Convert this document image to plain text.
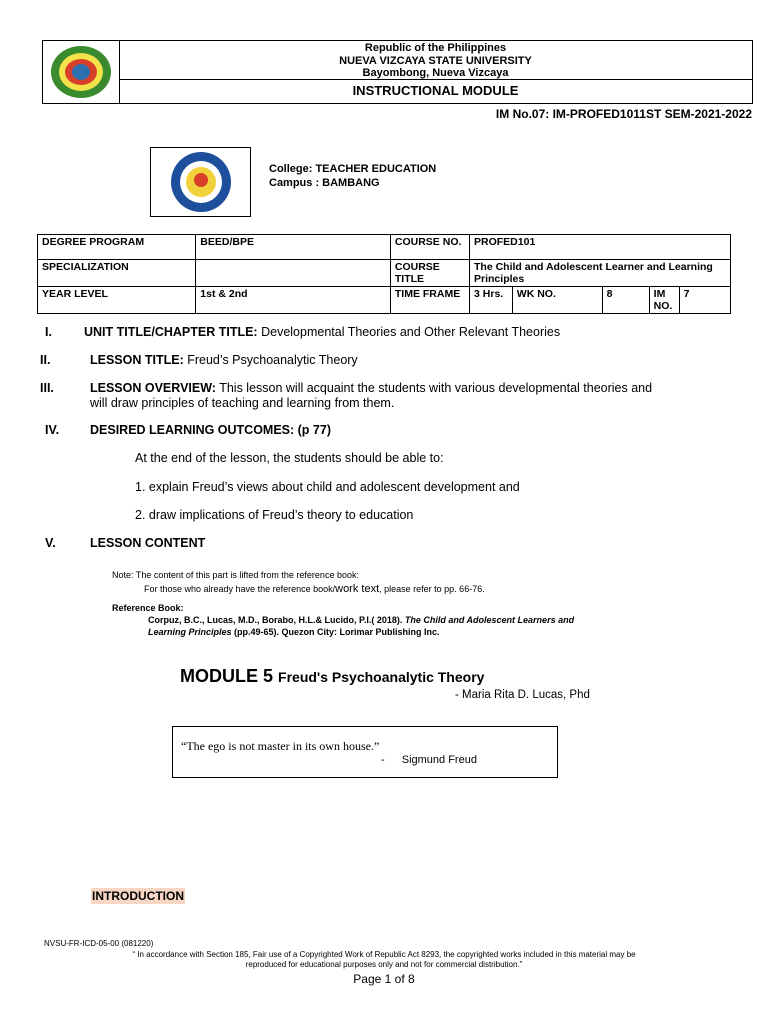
Republic of the Philippines
NUEVA VIZCAYA STATE UNIVERSITY
Bayombong, Nueva Vizcaya
INSTRUCTIONAL MODULE
IM No.07: IM-PROFED1011ST SEM-2021-2022
College: TEACHER EDUCATION
Campus : BAMBANG
DEGREE PROGRAM	BEED/BPE	COURSE NO.	PROFED101				
SPECIALIZATION		COURSE TITLE	The Child and Adolescent Learner and Learning Principles				
YEAR LEVEL	1st & 2nd	TIME FRAME	3 Hrs.	WK NO.	8	IM NO.	7
I.	UNIT TITLE/CHAPTER TITLE: Developmental Theories and Other Relevant Theories
II.	LESSON TITLE: Freud’s Psychoanalytic Theory
III.	LESSON OVERVIEW: This lesson will acquaint the students with various developmental theories and
will draw principles of teaching and learning from them.
IV. DESIRED LEARNING OUTCOMES: (p 77)
At the end of the lesson, the students should be able to:
1. explain Freud’s views about child and adolescent development and
2. draw implications of Freud’s theory to education
V.	LESSON CONTENT
Note: The content of this part is lifted from the reference book:
For those who already have the reference book/work text, please refer to pp. 66-76.
Reference Book:
Corpuz, B.C., Lucas, M.D., Borabo, H.L.& Lucido, P.I.( 2018). The Child and Adolescent Learners and
Learning Principles (pp.49-65). Quezon City: Lorimar Publishing Inc.
MODULE 5 Freud's Psychoanalytic Theory
- Maria Rita D. Lucas, Phd
“The ego is not master in its own house.”
- Sigmund Freud
INTRODUCTION
NVSU-FR-ICD-05-00 (081220)
“ In accordance with Section 185, Fair use of a Copyrighted Work of Republic Act 8293, the copyrighted works included in this material may be
reproduced for educational purposes only and not for commercial distribution.”
Page 1 of 8
